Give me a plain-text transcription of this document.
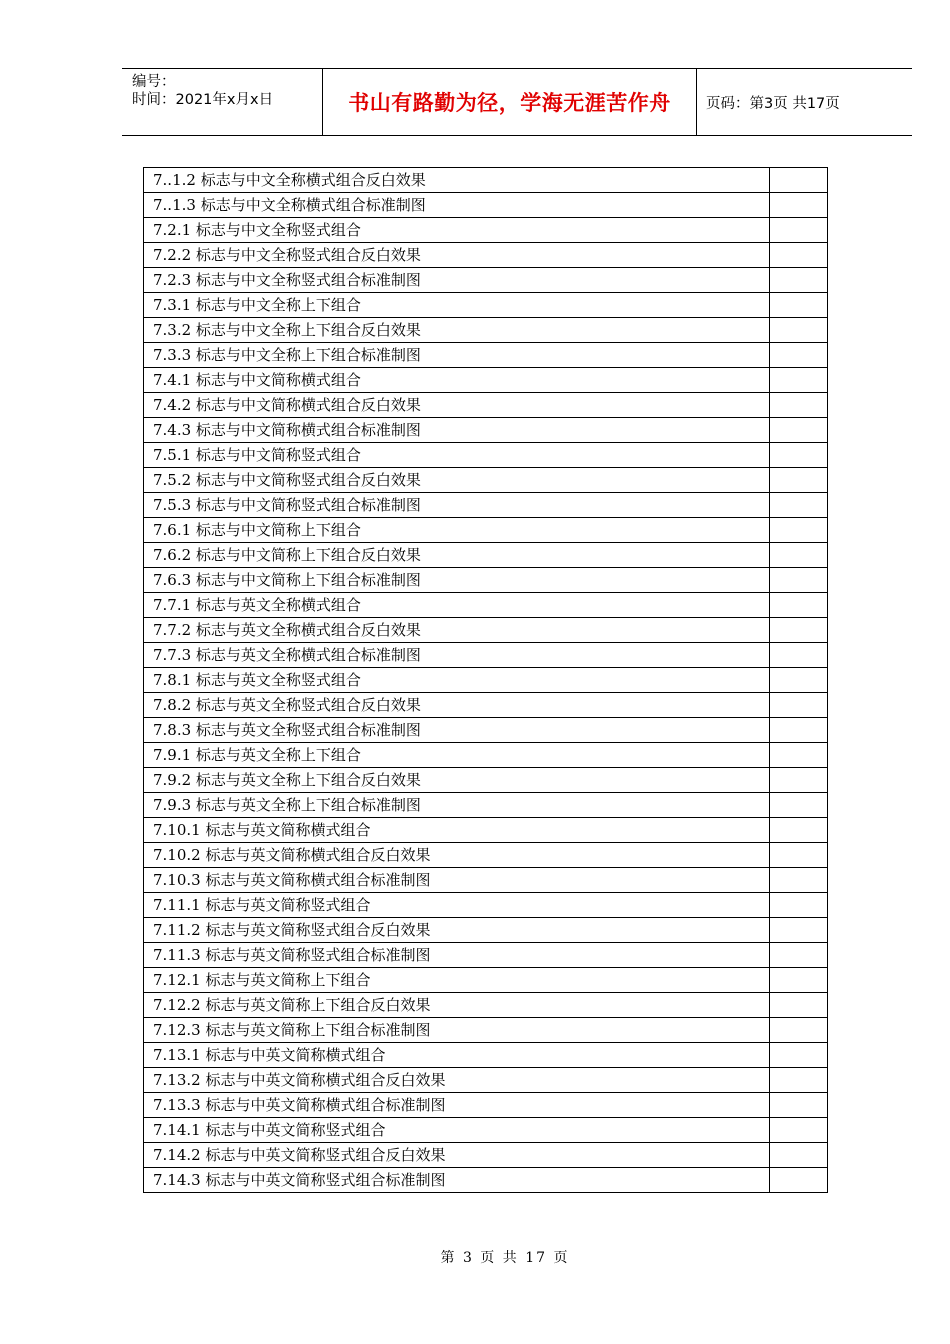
编号：
时间：2021年x月x日	书山有路勤为径，学海无涯苦作舟	页码：第3页 共17页
7..1.2 标志与中文全称横式组合反白效果	
7..1.3 标志与中文全称横式组合标准制图	
7.2.1 标志与中文全称竖式组合	
7.2.2 标志与中文全称竖式组合反白效果	
7.2.3 标志与中文全称竖式组合标准制图	
7.3.1 标志与中文全称上下组合	
7.3.2 标志与中文全称上下组合反白效果	
7.3.3 标志与中文全称上下组合标准制图	
7.4.1 标志与中文简称横式组合	
7.4.2 标志与中文简称横式组合反白效果	
7.4.3 标志与中文简称横式组合标准制图	
7.5.1 标志与中文简称竖式组合	
7.5.2 标志与中文简称竖式组合反白效果	
7.5.3 标志与中文简称竖式组合标准制图	
7.6.1 标志与中文简称上下组合	
7.6.2 标志与中文简称上下组合反白效果	
7.6.3 标志与中文简称上下组合标准制图	
7.7.1 标志与英文全称横式组合	
7.7.2 标志与英文全称横式组合反白效果	
7.7.3 标志与英文全称横式组合标准制图	
7.8.1 标志与英文全称竖式组合	
7.8.2 标志与英文全称竖式组合反白效果	
7.8.3 标志与英文全称竖式组合标准制图	
7.9.1 标志与英文全称上下组合	
7.9.2 标志与英文全称上下组合反白效果	
7.9.3 标志与英文全称上下组合标准制图	
7.10.1 标志与英文简称横式组合	
7.10.2 标志与英文简称横式组合反白效果	
7.10.3 标志与英文简称横式组合标准制图	
7.11.1 标志与英文简称竖式组合	
7.11.2 标志与英文简称竖式组合反白效果	
7.11.3 标志与英文简称竖式组合标准制图	
7.12.1 标志与英文简称上下组合	
7.12.2 标志与英文简称上下组合反白效果	
7.12.3 标志与英文简称上下组合标准制图	
7.13.1 标志与中英文简称横式组合	
7.13.2 标志与中英文简称横式组合反白效果	
7.13.3 标志与中英文简称横式组合标准制图	
7.14.1 标志与中英文简称竖式组合	
7.14.2 标志与中英文简称竖式组合反白效果	
7.14.3 标志与中英文简称竖式组合标准制图	
第 3 页 共 17 页
